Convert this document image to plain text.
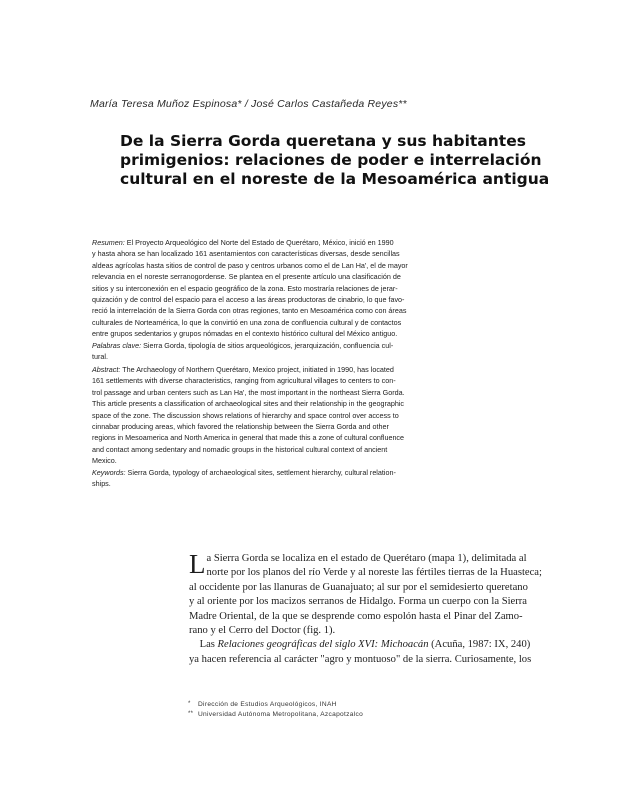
María Teresa Muñoz Espinosa* / José Carlos Castañeda Reyes**
De la Sierra Gorda queretana y sus habitantes
primigenios: relaciones de poder e interrelación
cultural en el noreste de la Mesoamérica antigua
Resumen: El Proyecto Arqueológico del Norte del Estado de Querétaro, México, inició en 1990
y hasta ahora se han localizado 161 asentamientos con características diversas, desde sencillas
aldeas agrícolas hasta sitios de control de paso y centros urbanos como el de Lan Ha', el de mayor
relevancia en el noreste serranogordense. Se plantea en el presente artículo una clasificación de
sitios y su interconexión en el espacio geográfico de la zona. Esto mostraría relaciones de jerar-
quización y de control del espacio para el acceso a las áreas productoras de cinabrio, lo que favo-
reció la interrelación de la Sierra Gorda con otras regiones, tanto en Mesoamérica como con áreas
culturales de Norteamérica, lo que la convirtió en una zona de confluencia cultural y de contactos
entre grupos sedentarios y grupos nómadas en el contexto histórico cultural del México antiguo.
Palabras clave: Sierra Gorda, tipología de sitios arqueológicos, jerarquización, confluencia cul-
tural.
Abstract: The Archaeology of Northern Querétaro, Mexico project, initiated in 1990, has located
161 settlements with diverse characteristics, ranging from agricultural villages to centers to con-
trol passage and urban centers such as Lan Ha', the most important in the northeast Sierra Gorda.
This article presents a classification of archaeological sites and their relationship in the geographic
space of the zone. The discussion shows relations of hierarchy and space control over access to
cinnabar producing areas, which favored the relationship between the Sierra Gorda and other
regions in Mesoamerica and North America in general that made this a zone of cultural confluence
and contact among sedentary and nomadic groups in the historical cultural context of ancient
Mexico.
Keywords: Sierra Gorda, typology of archaeological sites, settlement hierarchy, cultural relation-
ships.
L a Sierra Gorda se localiza en el estado de Querétaro (mapa 1), delimitada al
norte por los planos del río Verde y al noreste las fértiles tierras de la Huasteca;
al occidente por las llanuras de Guanajuato; al sur por el semidesierto queretano
y al oriente por los macizos serranos de Hidalgo. Forma un cuerpo con la Sierra
Madre Oriental, de la que se desprende como espolón hasta el Pinar del Zamo-
rano y el Cerro del Doctor (fig. 1).
 Las Relaciones geográficas del siglo XVI: Michoacán (Acuña, 1987: IX, 240)
ya hacen referencia al carácter "agro y montuoso" de la sierra. Curiosamente, los
* Dirección de Estudios Arqueológicos, INAH
** Universidad Autónoma Metropolitana, Azcapotzalco
